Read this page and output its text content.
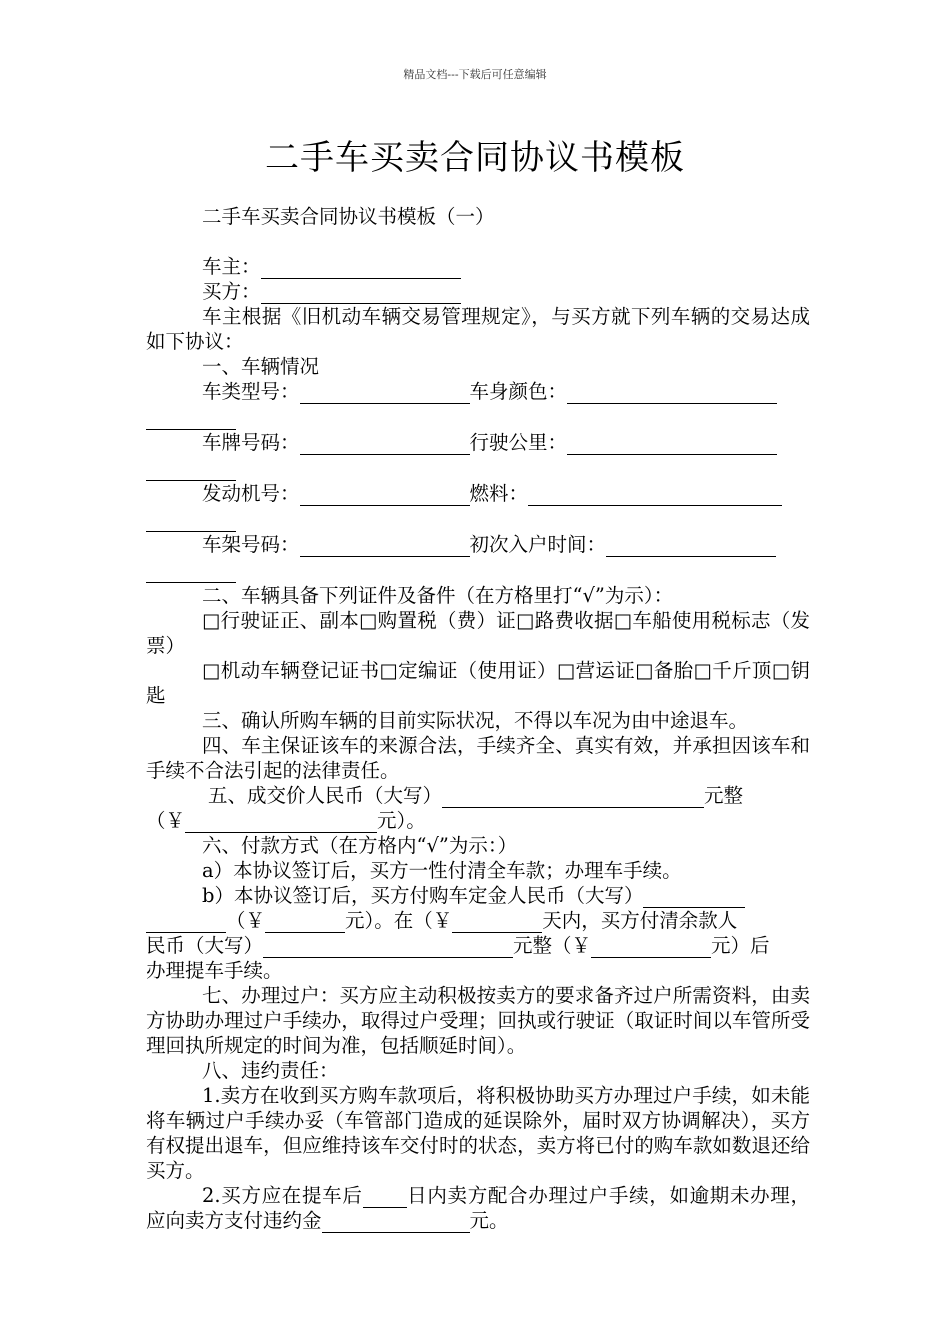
精品文档---下载后可任意编辑
二手车买卖合同协议书模板

二手车买卖合同协议书模板（一）

车主：
买方：

车主根据《旧机动车辆交易管理规定》，与买方就下列车辆的交易达成如下协议：

一、车辆情况

车类型号：	车身颜色：
车牌号码：	行驶公里：
发动机号：	燃料：
车架号码：	初次入户时间：

二、车辆具备下列证件及备件（在方格里打“√”为示）：

□行驶证正、副本□购置税（费）证□路费收据□车船使用税标志（发票）

□机动车辆登记证书□定编证（使用证）□营运证□备胎□千斤顶□钥匙

三、确认所购车辆的目前实际状况，不得以车况为由中途退车。

四、车主保证该车的来源合法，手续齐全、真实有效，并承担因该车和手续不合法引起的法律责任。

五、成交价人民币（大写）	元整
（￥	元）。

六、付款方式（在方格内“√”为示：）

a）本协议签订后，买方一性付清全车款；办理车手续。

b）本协议签订后，买方付购车定金人民币（大写）
（￥	元）。在（￥	天内，买方付清余款人
民币（大写）	元整（￥	元）后

办理提车手续。

七、办理过户：买方应主动积极按卖方的要求备齐过户所需资料，由卖方协助办理过户手续办，取得过户受理；回执或行驶证（取证时间以车管所受理回执所规定的时间为准，包括顺延时间）。

八、违约责任：

1.卖方在收到买方购车款项后，将积极协助买方办理过户手续，如未能将车辆过户手续办妥（车管部门造成的延误除外，届时双方协调解决），买方有权提出退车，但应维持该车交付时的状态，卖方将已付的购车款如数退还给买方。

2.买方应在提车后 日内卖方配合办理过户手续，如逾期未办理，应向卖方支付违约金	元。
